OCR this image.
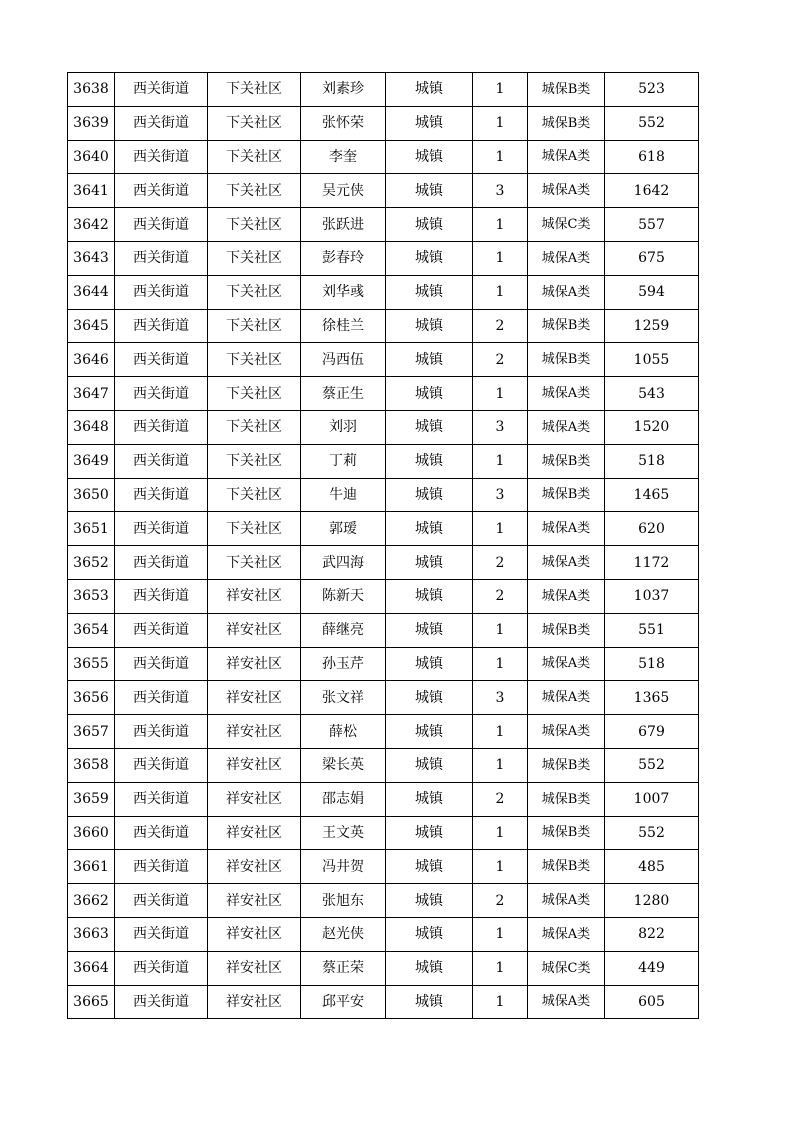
3638	西关街道	下关社区	刘素珍	城镇	1	城保B类	523
3639	西关街道	下关社区	张怀荣	城镇	1	城保B类	552
3640	西关街道	下关社区	李奎	城镇	1	城保A类	618
3641	西关街道	下关社区	吴元侠	城镇	3	城保A类	1642
3642	西关街道	下关社区	张跃进	城镇	1	城保C类	557
3643	西关街道	下关社区	彭春玲	城镇	1	城保A类	675
3644	西关街道	下关社区	刘华彧	城镇	1	城保A类	594
3645	西关街道	下关社区	徐桂兰	城镇	2	城保B类	1259
3646	西关街道	下关社区	冯西伍	城镇	2	城保B类	1055
3647	西关街道	下关社区	蔡正生	城镇	1	城保A类	543
3648	西关街道	下关社区	刘羽	城镇	3	城保A类	1520
3649	西关街道	下关社区	丁莉	城镇	1	城保B类	518
3650	西关街道	下关社区	牛迪	城镇	3	城保B类	1465
3651	西关街道	下关社区	郭瑷	城镇	1	城保A类	620
3652	西关街道	下关社区	武四海	城镇	2	城保A类	1172
3653	西关街道	祥安社区	陈新天	城镇	2	城保A类	1037
3654	西关街道	祥安社区	薛继亮	城镇	1	城保B类	551
3655	西关街道	祥安社区	孙玉芹	城镇	1	城保A类	518
3656	西关街道	祥安社区	张文祥	城镇	3	城保A类	1365
3657	西关街道	祥安社区	薛松	城镇	1	城保A类	679
3658	西关街道	祥安社区	梁长英	城镇	1	城保B类	552
3659	西关街道	祥安社区	邵志娟	城镇	2	城保B类	1007
3660	西关街道	祥安社区	王文英	城镇	1	城保B类	552
3661	西关街道	祥安社区	冯井贺	城镇	1	城保B类	485
3662	西关街道	祥安社区	张旭东	城镇	2	城保A类	1280
3663	西关街道	祥安社区	赵光侠	城镇	1	城保A类	822
3664	西关街道	祥安社区	蔡正荣	城镇	1	城保C类	449
3665	西关街道	祥安社区	邱平安	城镇	1	城保A类	605
